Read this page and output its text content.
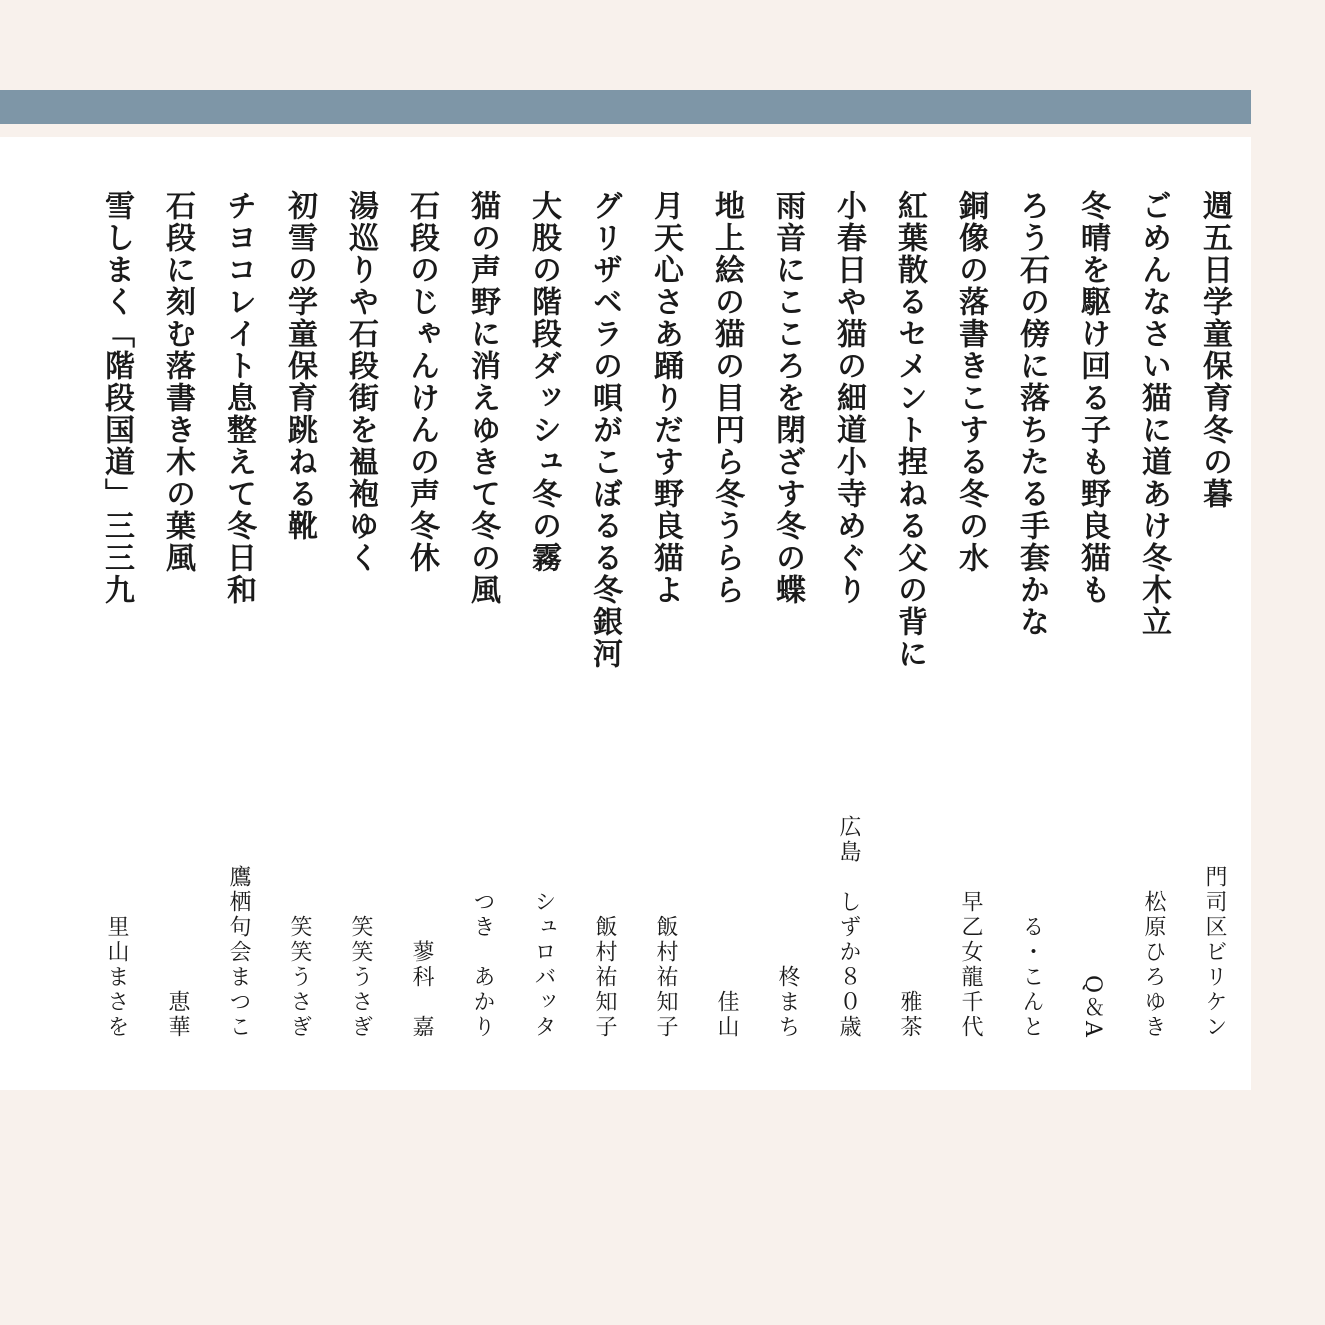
週五日学童保育冬の暮
門司区ビリケン
ごめんなさい猫に道あけ冬木立
松原ひろゆき
冬晴を駆け回る子も野良猫も
Q＆A
ろう石の傍に落ちたる手套かな
る・こんと
銅像の落書きこする冬の水
早乙女龍千代
紅葉散るセメント捏ねる父の背に
雅茶
小春日や猫の細道小寺めぐり
広島　しずか８０歳
雨音にこころを閉ざす冬の蝶
柊まち
地上絵の猫の目円ら冬うらら
佳山
月天心さあ踊りだす野良猫よ
飯村祐知子
グリザベラの唄がこぼるる冬銀河
飯村祐知子
大股の階段ダッシュ冬の霧
シュロバッタ
猫の声野に消えゆきて冬の風
つき　あかり
石段のじゃんけんの声冬休
蓼科　嘉
湯巡りや石段街を褞袍ゆく
笑笑うさぎ
初雪の学童保育跳ねる靴
笑笑うさぎ
チヨコレイト息整えて冬日和
鷹栖句会まつこ
石段に刻む落書き木の葉風
恵華
雪しまく「階段国道」三三九
里山まさを
